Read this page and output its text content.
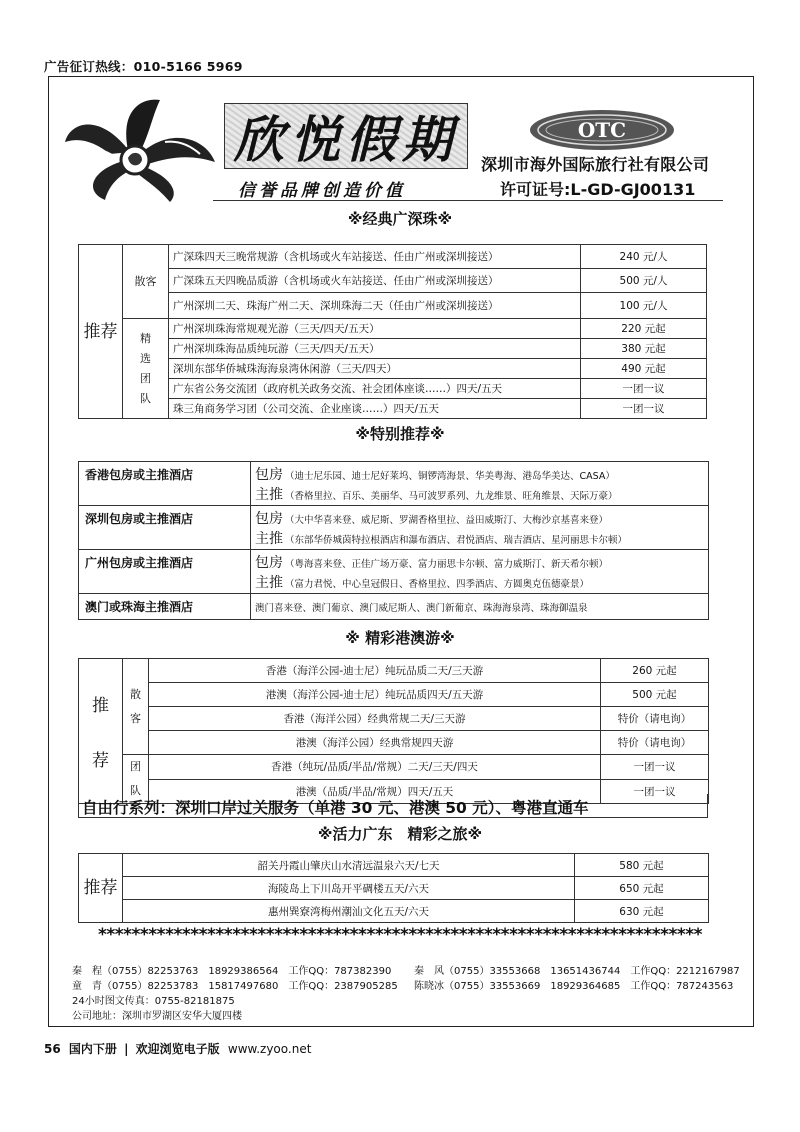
广告征订热线：010-5166 5969
欣悦假期
信誉品牌创造价值
OTC
深圳市海外国际旅行社有限公司
许可证号:L-GD-GJ00131
※经典广深珠※
推荐	散客	广深珠四天三晚常规游（含机场或火车站接送、任由广州或深圳接送）	240 元/人
		广深珠五天四晚品质游（含机场或火车站接送、任由广州或深圳接送）	500 元/人
		广州深圳二天、珠海广州二天、深圳珠海二天（任由广州或深圳接送）	100 元/人
	精选团队	广州深圳珠海常规观光游（三天/四天/五天）	220 元起
		广州深圳珠海品质纯玩游（三天/四天/五天）	380 元起
		深圳东部华侨城珠海海泉湾休闲游（三天/四天）	490 元起
		广东省公务交流团（政府机关政务交流、社会团体座谈……）四天/五天	一团一议
		珠三角商务学习团（公司交流、企业座谈……）四天/五天	一团一议
※特别推荐※
香港包房或主推酒店	包房 （迪士尼乐园、迪士尼好莱坞、铜锣湾海景、华美粤海、港岛华美达、CASA）
主推 （香格里拉、百乐、美丽华、马可波罗系列、九龙维景、旺角维景、天际万豪）

深圳包房或主推酒店	包房 （大中华喜来登、威尼斯、罗湖香格里拉、益田威斯汀、大梅沙京基喜来登）
主推 （东部华侨城茵特拉根酒店和瀑布酒店、君悦酒店、瑞吉酒店、星河丽思卡尔顿）

广州包房或主推酒店	包房 （粤海喜来登、正佳广场万豪、富力丽思卡尔顿、富力威斯汀、新天希尔顿）
主推 （富力君悦、中心皇冠假日、香格里拉、四季酒店、方圆奥克伍德豪景）

澳门或珠海主推酒店	澳门喜来登、澳门葡京、澳门威尼斯人、澳门新葡京、珠海海泉湾、珠海御温泉
※ 精彩港澳游※
推
荐	散客	香港（海洋公园-迪士尼）纯玩品质二天/三天游	260 元起
		港澳（海洋公园-迪士尼）纯玩品质四天/五天游	500 元起
		香港（海洋公园）经典常规二天/三天游	特价（请电询）
		港澳（海洋公园）经典常规四天游	特价（请电询）
	团队	香港（纯玩/品质/半品/常规）二天/三天/四天	一团一议
		港澳（品质/半品/常规）四天/五天	一团一议
自由行系列：深圳口岸过关服务（单港 30 元、港澳 50 元）、粤港直通车
※活力广东　精彩之旅※
推荐	韶关丹霞山肇庆山水清远温泉六天/七天	580 元起
	海陵岛上下川岛开平碉楼五天/六天	650 元起
	惠州巽寮湾梅州潮汕文化五天/六天	630 元起
************************************************************************
秦　程（0755）82253763　18929386564　工作QQ：787382390 秦　风（0755）33553668　13651436744　工作QQ：2212167987
童　青（0755）82253783　15817497680　工作QQ：2387905285 陈晓冰（0755）33553669　18929364685　工作QQ：787243563
24小时图文传真：0755-82181875
公司地址：深圳市罗湖区安华大厦四楼
56 国内下册 | 欢迎浏览电子版 www.zyoo.net
